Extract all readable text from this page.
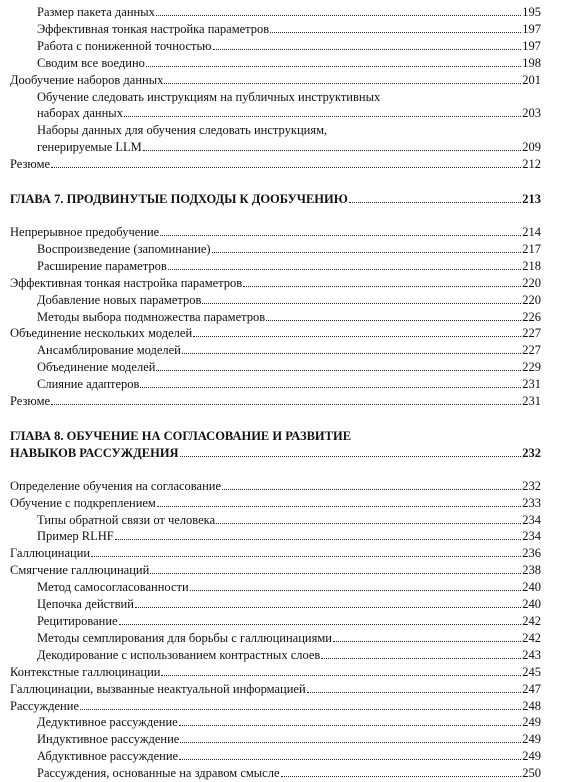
Размер пакета данных	195
Эффективная тонкая настройка параметров	197
Работа с пониженной точностью	197
Сводим все воедино	198
Дообучение наборов данных	201
Обучение следовать инструкциям на публичных инструктивных
наборах данных	203
Наборы данных для обучения следовать инструкциям,
генерируемые LLM	209
Резюме	212
ГЛАВА 7. ПРОДВИНУТЫЕ ПОДХОДЫ К ДООБУЧЕНИЮ	213
Непрерывное предобучение	214
Воспроизведение (запоминание)	217
Расширение параметров	218
Эффективная тонкая настройка параметров	220
Добавление новых параметров	220
Методы выбора подмножества параметров	226
Объединение нескольких моделей	227
Ансамблирование моделей	227
Объединение моделей	229
Слияние адаптеров	231
Резюме	231
ГЛАВА 8. ОБУЧЕНИЕ НА СОГЛАСОВАНИЕ И РАЗВИТИЕ
НАВЫКОВ РАССУЖДЕНИЯ	232
Определение обучения на согласование	232
Обучение с подкреплением	233
Типы обратной связи от человека	234
Пример RLHF	234
Галлюцинации	236
Смягчение галлюцинаций	238
Метод самосогласованности	240
Цепочка действий	240
Рецитирование	242
Методы семплирования для борьбы с галлюцинациями	242
Декодирование с использованием контрастных слоев	243
Контекстные галлюцинации	245
Галлюцинации, вызванные неактуальной информацией	247
Рассуждение	248
Дедуктивное рассуждение	249
Индуктивное рассуждение	249
Абдуктивное рассуждение	249
Рассуждения, основанные на здравом смысле	250
